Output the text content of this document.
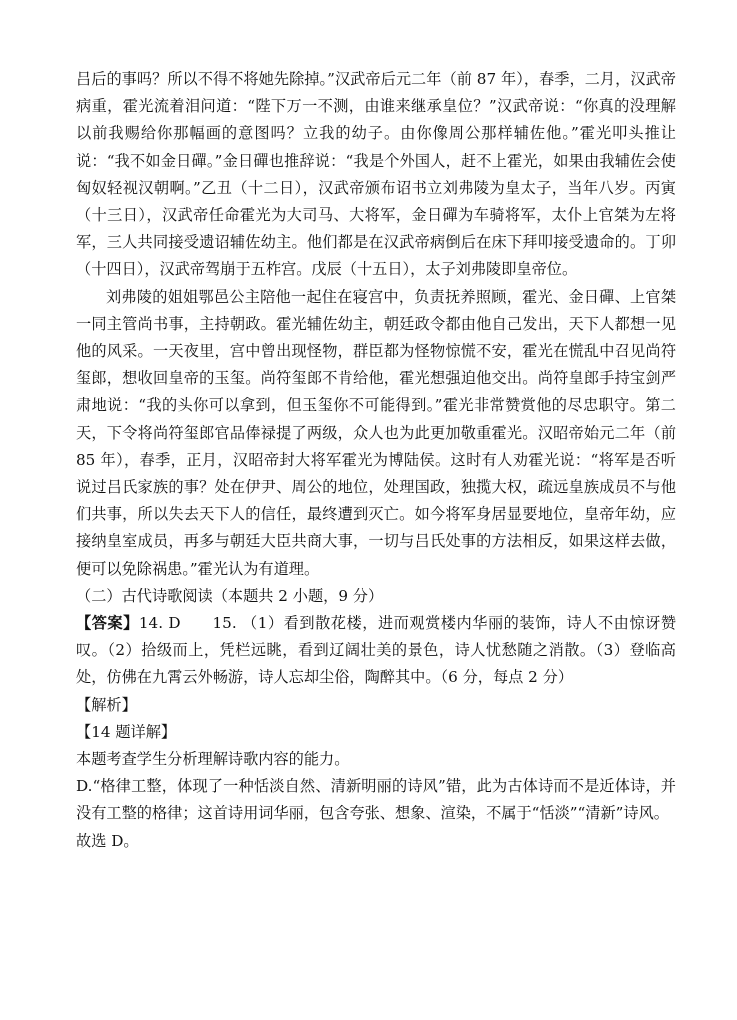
吕后的事吗？所以不得不将她先除掉。”汉武帝后元二年（前 87 年），春季，二月，汉武帝病重，霍光流着泪问道：“陛下万一不测，由谁来继承皇位？”汉武帝说：“你真的没理解以前我赐给你那幅画的意图吗？立我的幼子。由你像周公那样辅佐他。”霍光叩头推让说：“我不如金日磾。”金日磾也推辞说：“我是个外国人，赶不上霍光，如果由我辅佐会使匈奴轻视汉朝啊。”乙丑（十二日），汉武帝颁布诏书立刘弗陵为皇太子，当年八岁。丙寅（十三日），汉武帝任命霍光为大司马、大将军，金日磾为车骑将军，太仆上官桀为左将军，三人共同接受遗诏辅佐幼主。他们都是在汉武帝病倒后在床下拜叩接受遗命的。丁卯（十四日），汉武帝驾崩于五柞宫。戊辰（十五日），太子刘弗陵即皇帝位。

刘弗陵的姐姐鄂邑公主陪他一起住在寝宫中，负责抚养照顾，霍光、金日磾、上官桀一同主管尚书事，主持朝政。霍光辅佐幼主，朝廷政令都由他自己发出，天下人都想一见他的风采。一天夜里，宫中曾出现怪物，群臣都为怪物惊慌不安，霍光在慌乱中召见尚符玺郎，想收回皇帝的玉玺。尚符玺郎不肯给他，霍光想强迫他交出。尚符皇郎手持宝剑严肃地说：“我的头你可以拿到，但玉玺你不可能得到。”霍光非常赞赏他的尽忠职守。第二天，下令将尚符玺郎官品俸禄提了两级，众人也为此更加敬重霍光。汉昭帝始元二年（前 85 年），春季，正月，汉昭帝封大将军霍光为博陆侯。这时有人劝霍光说：“将军是否听说过吕氏家族的事？处在伊尹、周公的地位，处理国政，独揽大权，疏远皇族成员不与他们共事，所以失去天下人的信任，最终遭到灭亡。如今将军身居显要地位，皇帝年幼，应接纳皇室成员，再多与朝廷大臣共商大事，一切与吕氏处事的方法相反，如果这样去做，便可以免除祸患。”霍光认为有道理。

（二）古代诗歌阅读（本题共 2 小题，9 分）

【答案】14. D　　15. （1）看到散花楼，进而观赏楼内华丽的装饰，诗人不由惊讶赞叹。（2）拾级而上，凭栏远眺，看到辽阔壮美的景色，诗人忧愁随之消散。（3）登临高处，仿佛在九霄云外畅游，诗人忘却尘俗，陶醉其中。（6 分，每点 2 分）

【解析】

【14 题详解】

本题考查学生分析理解诗歌内容的能力。

D.“格律工整，体现了一种恬淡自然、清新明丽的诗风”错，此为古体诗而不是近体诗，并没有工整的格律；这首诗用词华丽，包含夸张、想象、渲染，不属于“恬淡”“清新”诗风。

故选 D。
